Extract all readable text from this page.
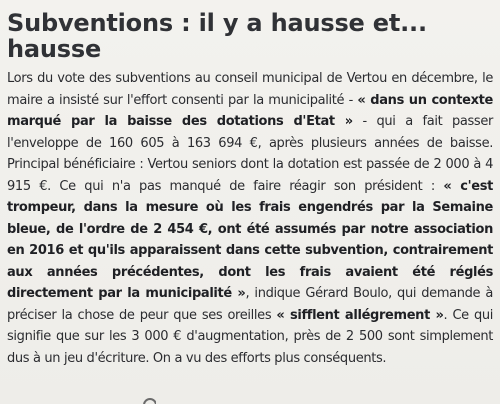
Subventions : il y a hausse et... hausse

Lors du vote des subventions au conseil municipal de Vertou en décembre, le maire a insisté sur l'effort consenti par la municipalité - « dans un contexte marqué par la baisse des dotations d'Etat » - qui a fait passer l'enveloppe de 160 605 à 163 694 €, après plusieurs années de baisse. Principal bénéficiaire : Vertou seniors dont la dotation est passée de 2 000 à 4 915 €. Ce qui n'a pas manqué de faire réagir son président : « c'est trompeur, dans la mesure où les frais engendrés par la Semaine bleue, de l'ordre de 2 454 €, ont été assumés par notre association en 2016 et qu'ils apparaissent dans cette subvention, contrairement aux années précédentes, dont les frais avaient été réglés directement par la municipalité », indique Gérard Boulo, qui demande à préciser la chose de peur que ses oreilles « sifflent allégrement ». Ce qui signifie que sur les 3 000 € d'augmentation, près de 2 500 sont simplement dus à un jeu d'écriture. On a vu des efforts plus conséquents.
